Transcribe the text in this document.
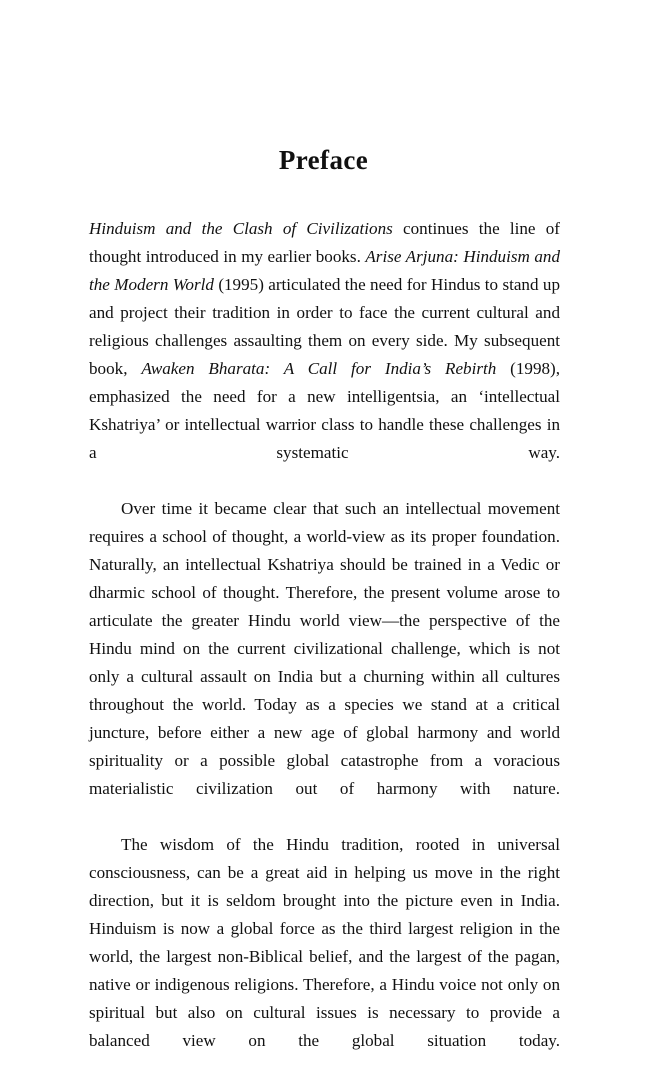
Preface

Hinduism and the Clash of Civilizations continues the line of thought introduced in my earlier books. Arise Arjuna: Hinduism and the Modern World (1995) articulated the need for Hindus to stand up and project their tradition in order to face the current cultural and religious challenges assaulting them on every side. My subsequent book, Awaken Bharata: A Call for India’s Rebirth (1998), emphasized the need for a new intelligentsia, an ‘intellectual Kshatriya’ or intellectual warrior class to handle these challenges in a systematic way.

Over time it became clear that such an intellectual movement requires a school of thought, a world-view as its proper foundation. Naturally, an intellectual Kshatriya should be trained in a Vedic or dharmic school of thought. Therefore, the present volume arose to articulate the greater Hindu world view—the perspective of the Hindu mind on the current civilizational challenge, which is not only a cultural assault on India but a churning within all cultures throughout the world. Today as a species we stand at a critical juncture, before either a new age of global harmony and world spirituality or a possible global catastrophe from a voracious materialistic civilization out of harmony with nature.

The wisdom of the Hindu tradition, rooted in universal consciousness, can be a great aid in helping us move in the right direction, but it is seldom brought into the picture even in India. Hinduism is now a global force as the third largest religion in the world, the largest non-Biblical belief, and the largest of the pagan, native or indigenous religions. Therefore, a Hindu voice not only on spiritual but also on cultural issues is necessary to provide a balanced view on the global situation today.
